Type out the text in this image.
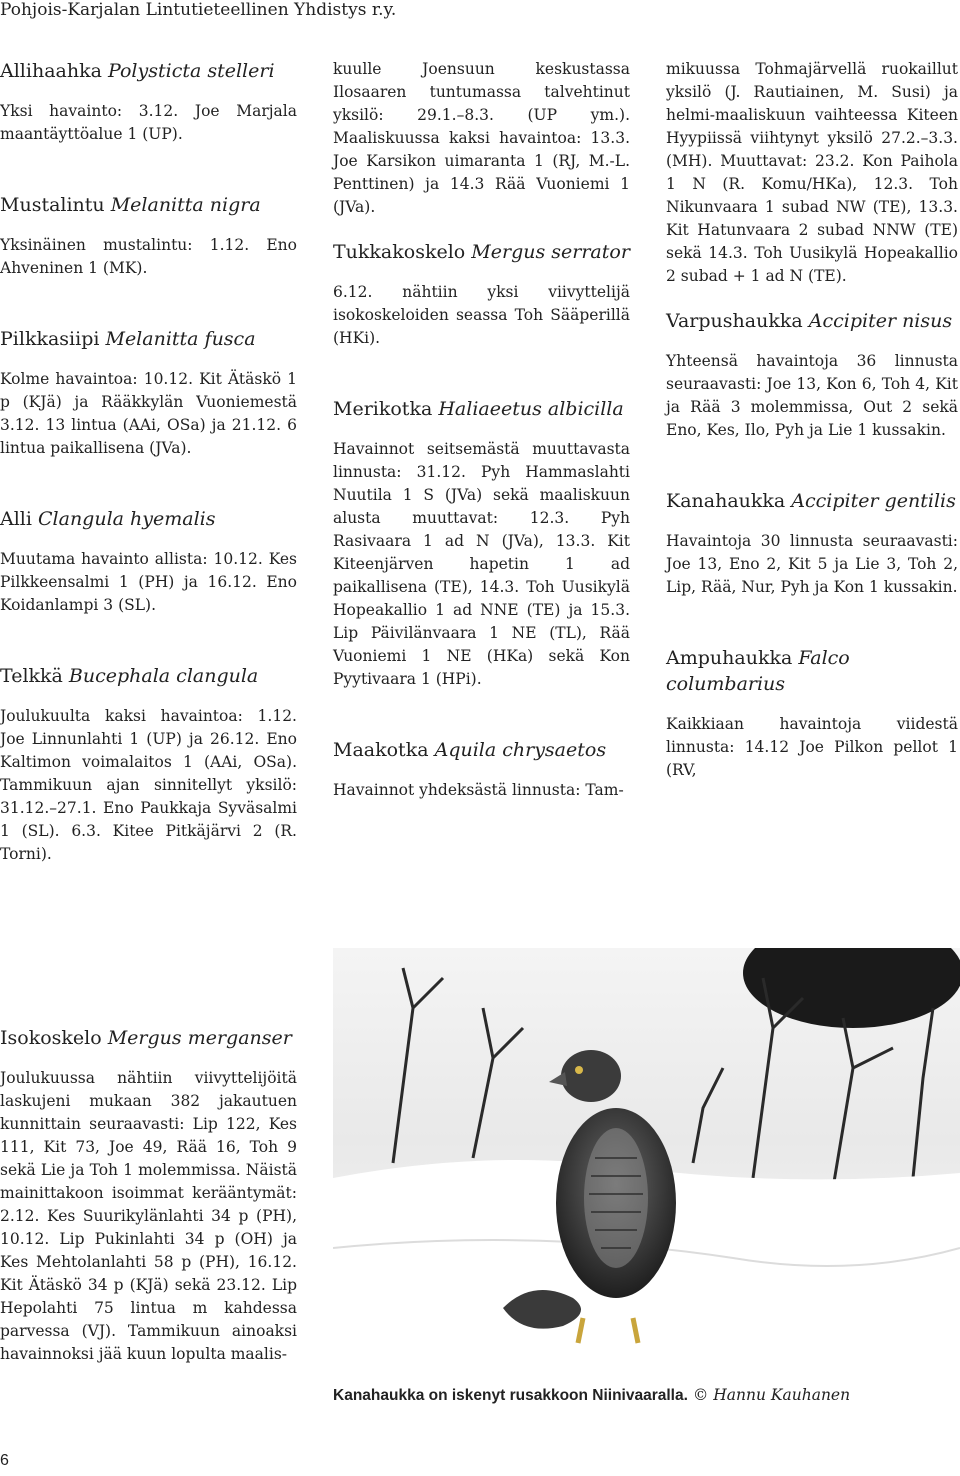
Pohjois-Karjalan Lintutieteellinen Yhdistys r.y.
Allihaahka Polysticta stelleri

Yksi havainto: 3.12. Joe Marjala maantäyttöalue 1 (UP).

Mustalintu Melanitta nigra

Yksinäinen mustalintu: 1.12. Eno Ahveninen 1 (MK).

Pilkkasiipi Melanitta fusca

Kolme havaintoa: 10.12. Kit Ätäskö 1 p (KJä) ja Rääkkylän Vuoniemestä 3.12. 13 lintua (AAi, OSa) ja 21.12. 6 lintua paikallisena (JVa).

Alli Clangula hyemalis

Muutama havainto allista: 10.12. Kes Pilkkeensalmi 1 (PH) ja 16.12. Eno Koidanlampi 3 (SL).

Telkkä Bucephala clangula

Joulukuulta kaksi havaintoa: 1.12. Joe Linnunlahti 1 (UP) ja 26.12. Eno Kaltimon voimalaitos 1 (AAi, OSa). Tammikuun ajan sinnitellyt yksilö: 31.12.–27.1. Eno Paukkaja Syväsalmi 1 (SL). 6.3. Kitee Pitkäjärvi 2 (R. Torni).

Isokoskelo Mergus merganser

Joulukuussa nähtiin viivyttelijöitä laskujeni mukaan 382 jakautuen kunnittain seuraavasti: Lip 122, Kes 111, Kit 73, Joe 49, Rää 16, Toh 9 sekä Lie ja Toh 1 molemmissa. Näistä mainittakoon isoimmat kerääntymät: 2.12. Kes Suurikylänlahti 34 p (PH), 10.12. Lip Pukinlahti 34 p (OH) ja Kes Mehtolanlahti 58 p (PH), 16.12. Kit Ätäskö 34 p (KJä) sekä 23.12. Lip Hepolahti 75 lintua m kahdessa parvessa (VJ). Tammikuun ainoaksi havainnoksi jää kuun lopulta maalis-

kuulle Joensuun keskustassa Ilosaaren tuntumassa talvehtinut yksilö: 29.1.–8.3. (UP ym.). Maaliskuussa kaksi havaintoa: 13.3. Joe Karsikon uimaranta 1 (RJ, M.-L. Penttinen) ja 14.3 Rää Vuoniemi 1 (JVa).

Tukkakoskelo Mergus serrator

6.12. nähtiin yksi viivyttelijä isokoskeloiden seassa Toh Sääperillä (HKi).

Merikotka Haliaeetus albicilla

Havainnot seitsemästä muuttavasta linnusta: 31.12. Pyh Hammaslahti Nuutila 1 S (JVa) sekä maaliskuun alusta muuttavat: 12.3. Pyh Rasivaara 1 ad N (JVa), 13.3. Kit Kiteenjärven hapetin 1 ad paikallisena (TE), 14.3. Toh Uusikylä Hopeakallio 1 ad NNE (TE) ja 15.3. Lip Päivilänvaara 1 NE (TL), Rää Vuoniemi 1 NE (HKa) sekä Kon Pyytivaara 1 (HPi).

Maakotka Aquila chrysaetos

Havainnot yhdeksästä linnusta: Tam-

mikuussa Tohmajärvellä ruokaillut yksilö (J. Rautiainen, M. Susi) ja helmi-maaliskuun vaihteessa Kiteen Hyypiissä viihtynyt yksilö 27.2.–3.3. (MH). Muuttavat: 23.2. Kon Paihola 1 N (R. Komu/HKa), 12.3. Toh Nikunvaara 1 subad NW (TE), 13.3. Kit Hatunvaara 2 subad NNW (TE) sekä 14.3. Toh Uusikylä Hopeakallio 2 subad + 1 ad N (TE).

Varpushaukka Accipiter nisus

Yhteensä havaintoja 36 linnusta seuraavasti: Joe 13, Kon 6, Toh 4, Kit ja Rää 3 molemmissa, Out 2 sekä Eno, Kes, Ilo, Pyh ja Lie 1 kussakin.

Kanahaukka Accipiter gentilis

Havaintoja 30 linnusta seuraavasti: Joe 13, Eno 2, Kit 5 ja Lie 3, Toh 2, Lip, Rää, Nur, Pyh ja Kon 1 kussakin.

Ampuhaukka Falco columbarius

Kaikkiaan havaintoja viidestä linnusta: 14.12 Joe Pilkon pellot 1 (RV,

Kanahaukka on iskenyt rusakkoon Niinivaaralla. © Hannu Kauhanen
6
